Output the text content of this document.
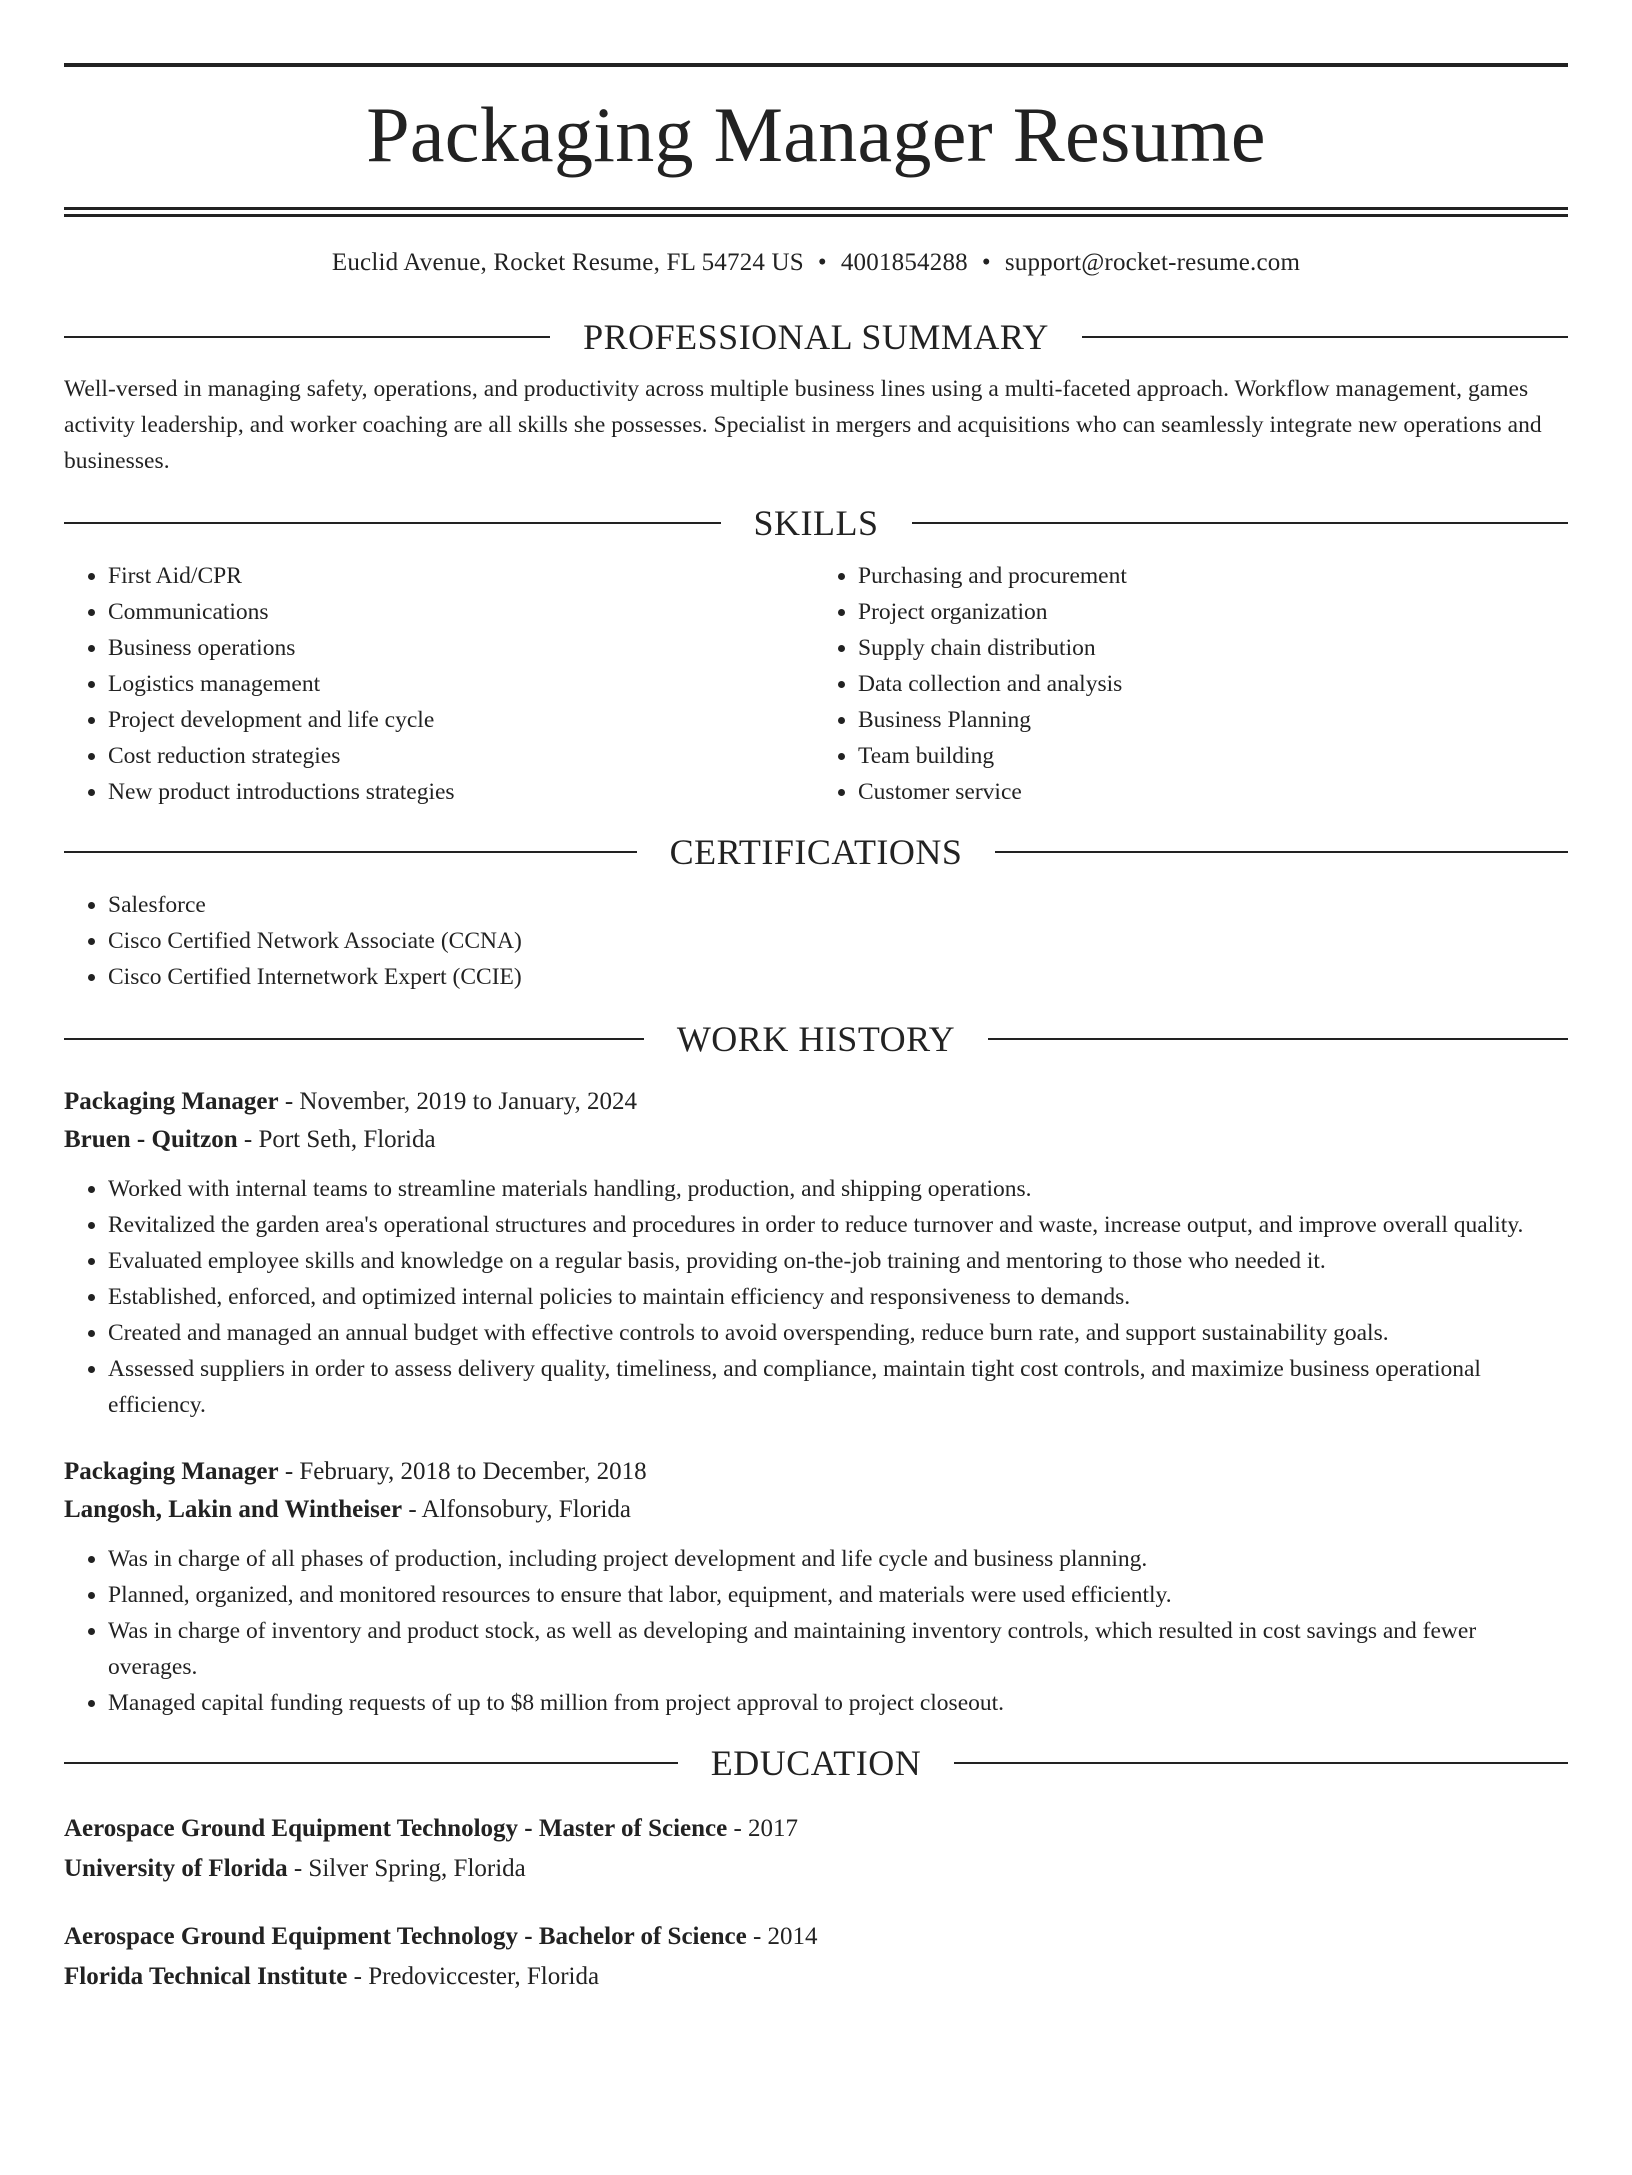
Packaging Manager Resume
Euclid Avenue, Rocket Resume, FL 54724 US • 4001854288 • support@rocket-resume.com
PROFESSIONAL SUMMARY
Well-versed in managing safety, operations, and productivity across multiple business lines using a multi-faceted approach. Workflow management, games activity leadership, and worker coaching are all skills she possesses. Specialist in mergers and acquisitions who can seamlessly integrate new operations and businesses.
SKILLS
• First Aid/CPR
• Communications
• Business operations
• Logistics management
• Project development and life cycle
• Cost reduction strategies
• New product introductions strategies
• Purchasing and procurement
• Project organization
• Supply chain distribution
• Data collection and analysis
• Business Planning
• Team building
• Customer service
CERTIFICATIONS
• Salesforce
• Cisco Certified Network Associate (CCNA)
• Cisco Certified Internetwork Expert (CCIE)
WORK HISTORY
Packaging Manager - November, 2019 to January, 2024
Bruen - Quitzon - Port Seth, Florida
• Worked with internal teams to streamline materials handling, production, and shipping operations.
• Revitalized the garden area's operational structures and procedures in order to reduce turnover and waste, increase output, and improve overall quality.
• Evaluated employee skills and knowledge on a regular basis, providing on-the-job training and mentoring to those who needed it.
• Established, enforced, and optimized internal policies to maintain efficiency and responsiveness to demands.
• Created and managed an annual budget with effective controls to avoid overspending, reduce burn rate, and support sustainability goals.
• Assessed suppliers in order to assess delivery quality, timeliness, and compliance, maintain tight cost controls, and maximize business operational efficiency.
Packaging Manager - February, 2018 to December, 2018
Langosh, Lakin and Wintheiser - Alfonsobury, Florida
• Was in charge of all phases of production, including project development and life cycle and business planning.
• Planned, organized, and monitored resources to ensure that labor, equipment, and materials were used efficiently.
• Was in charge of inventory and product stock, as well as developing and maintaining inventory controls, which resulted in cost savings and fewer overages.
• Managed capital funding requests of up to $8 million from project approval to project closeout.
EDUCATION
Aerospace Ground Equipment Technology - Master of Science - 2017
University of Florida - Silver Spring, Florida
Aerospace Ground Equipment Technology - Bachelor of Science - 2014
Florida Technical Institute - Predoviccester, Florida
